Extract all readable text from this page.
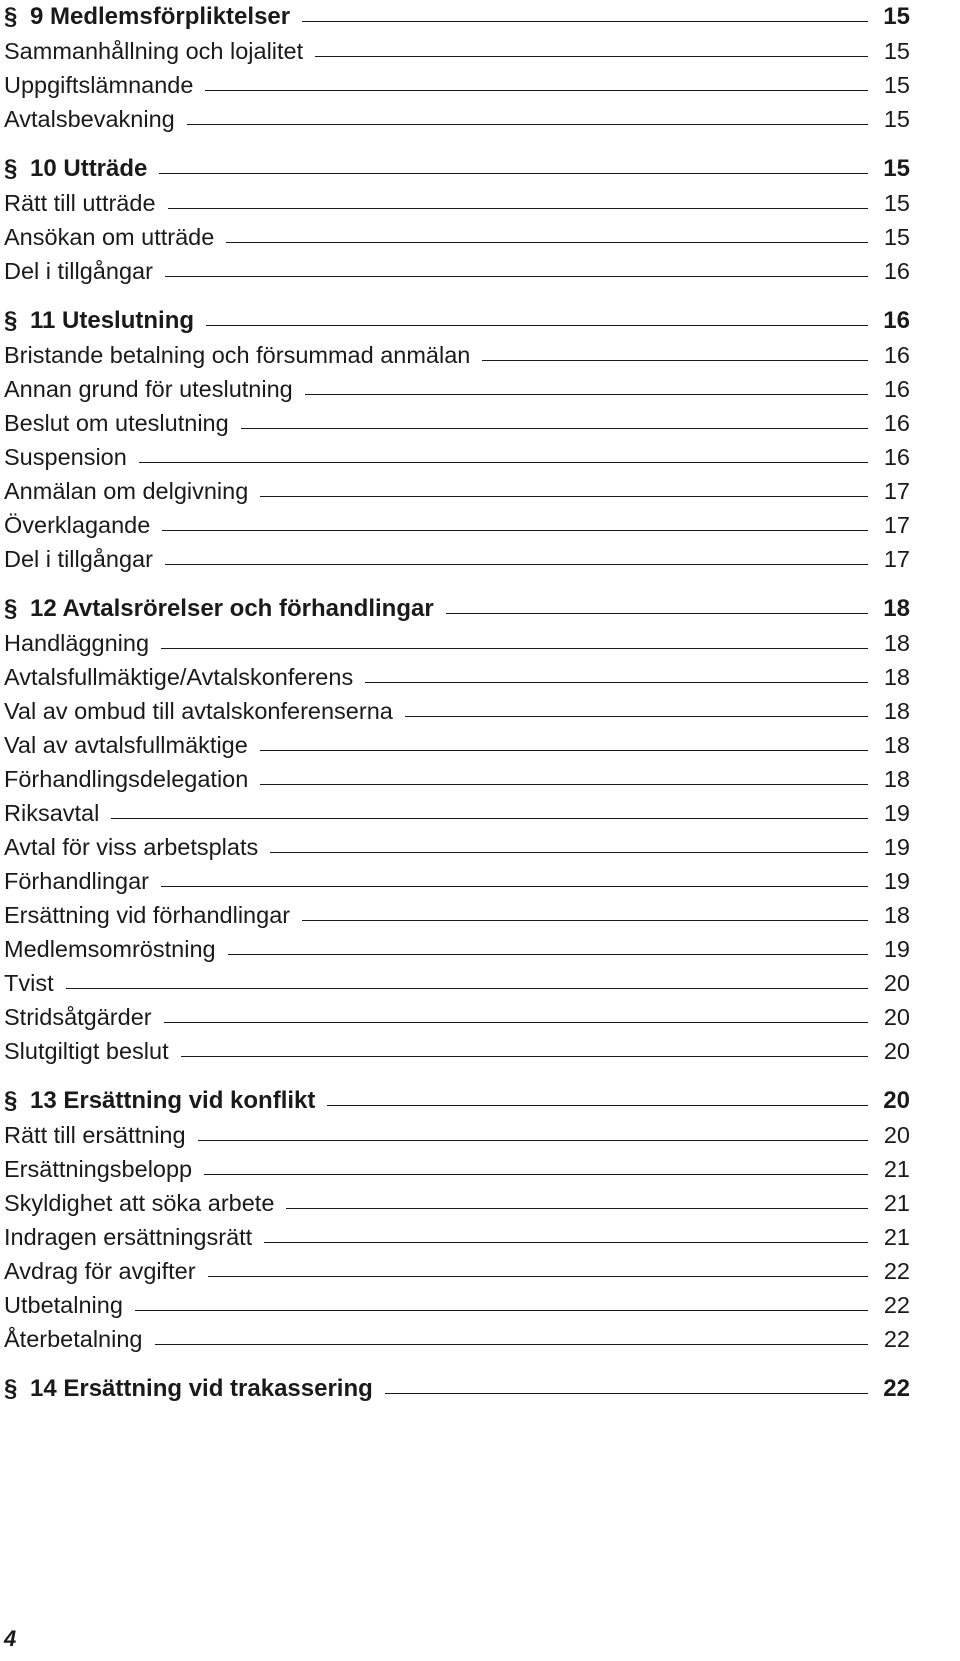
§ 9 Medlemsförpliktelser	15
Sammanhållning och lojalitet	15
Uppgiftslämnande	15
Avtalsbevakning	15
§ 10 Utträde	15
Rätt till utträde	15
Ansökan om utträde	15
Del i tillgångar	16
§ 11 Uteslutning	16
Bristande betalning och försummad anmälan	16
Annan grund för uteslutning	16
Beslut om uteslutning	16
Suspension	16
Anmälan om delgivning	17
Överklagande	17
Del i tillgångar	17
§ 12 Avtalsrörelser och förhandlingar	18
Handläggning	18
Avtalsfullmäktige/Avtalskonferens	18
Val av ombud till avtalskonferenserna	18
Val av avtalsfullmäktige	18
Förhandlingsdelegation	18
Riksavtal	19
Avtal för viss arbetsplats	19
Förhandlingar	19
Ersättning vid förhandlingar	18
Medlemsomröstning	19
Tvist	20
Stridsåtgärder	20
Slutgiltigt beslut	20
§ 13 Ersättning vid konflikt	20
Rätt till ersättning	20
Ersättningsbelopp	21
Skyldighet att söka arbete	21
Indragen ersättningsrätt	21
Avdrag för avgifter	22
Utbetalning	22
Återbetalning	22
§ 14 Ersättning vid trakassering	22
4
